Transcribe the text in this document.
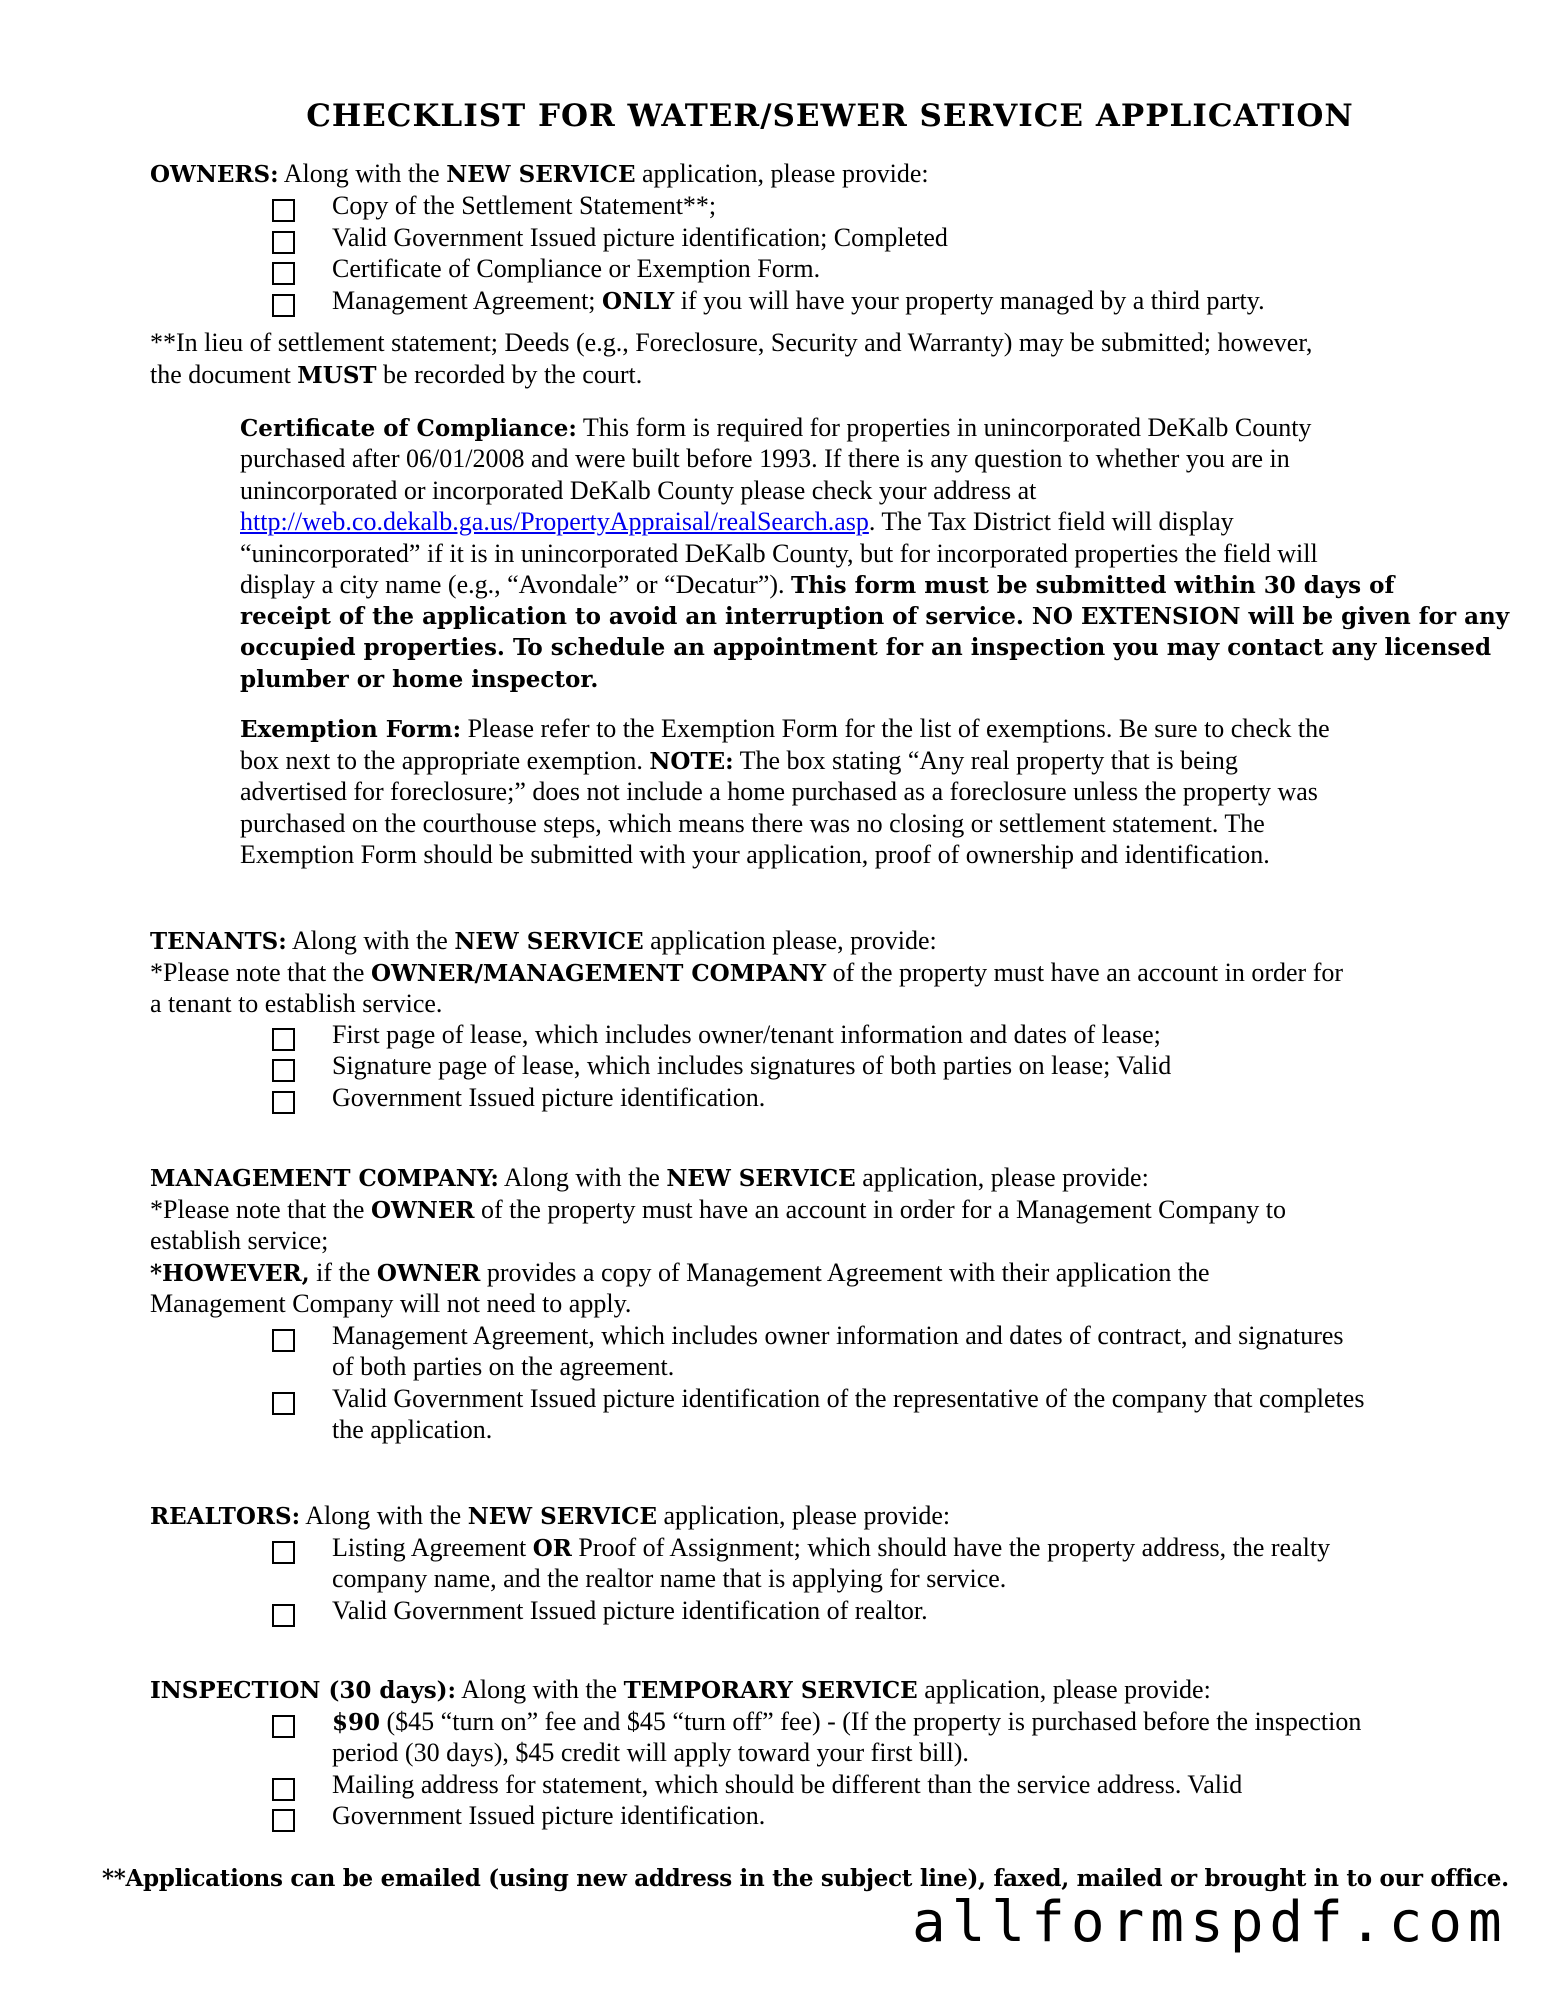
CHECKLIST FOR WATER/SEWER SERVICE APPLICATION
OWNERS: Along with the NEW SERVICE application, please provide:
Copy of the Settlement Statement**;
Valid Government Issued picture identification; Completed
Certificate of Compliance or Exemption Form.
Management Agreement; ONLY if you will have your property managed by a third party.
**In lieu of settlement statement; Deeds (e.g., Foreclosure, Security and Warranty) may be submitted; however,
the document MUST be recorded by the court.
Certificate of Compliance: This form is required for properties in unincorporated DeKalb County
purchased after 06/01/2008 and were built before 1993. If there is any question to whether you are in
unincorporated or incorporated DeKalb County please check your address at
http://web.co.dekalb.ga.us/PropertyAppraisal/realSearch.asp. The Tax District field will display
“unincorporated” if it is in unincorporated DeKalb County, but for incorporated properties the field will
display a city name (e.g., “Avondale” or “Decatur”). This form must be submitted within 30 days of
receipt of the application to avoid an interruption of service. NO EXTENSION will be given for any
occupied properties. To schedule an appointment for an inspection you may contact any licensed
plumber or home inspector.
Exemption Form: Please refer to the Exemption Form for the list of exemptions. Be sure to check the
box next to the appropriate exemption. NOTE: The box stating “Any real property that is being
advertised for foreclosure;” does not include a home purchased as a foreclosure unless the property was
purchased on the courthouse steps, which means there was no closing or settlement statement. The
Exemption Form should be submitted with your application, proof of ownership and identification.
TENANTS: Along with the NEW SERVICE application please, provide:
*Please note that the OWNER/MANAGEMENT COMPANY of the property must have an account in order for
a tenant to establish service.
First page of lease, which includes owner/tenant information and dates of lease;
Signature page of lease, which includes signatures of both parties on lease; Valid
Government Issued picture identification.
MANAGEMENT COMPANY: Along with the NEW SERVICE application, please provide:
*Please note that the OWNER of the property must have an account in order for a Management Company to
establish service;
*HOWEVER, if the OWNER provides a copy of Management Agreement with their application the
Management Company will not need to apply.
Management Agreement, which includes owner information and dates of contract, and signatures
of both parties on the agreement.
Valid Government Issued picture identification of the representative of the company that completes
the application.
REALTORS: Along with the NEW SERVICE application, please provide:
Listing Agreement OR Proof of Assignment; which should have the property address, the realty
company name, and the realtor name that is applying for service.
Valid Government Issued picture identification of realtor.
INSPECTION (30 days): Along with the TEMPORARY SERVICE application, please provide:
$90 ($45 “turn on” fee and $45 “turn off” fee) - (If the property is purchased before the inspection
period (30 days), $45 credit will apply toward your first bill).
Mailing address for statement, which should be different than the service address. Valid
Government Issued picture identification.
**Applications can be emailed (using new address in the subject line), faxed, mailed or brought in to our office.
allformspdf.com
